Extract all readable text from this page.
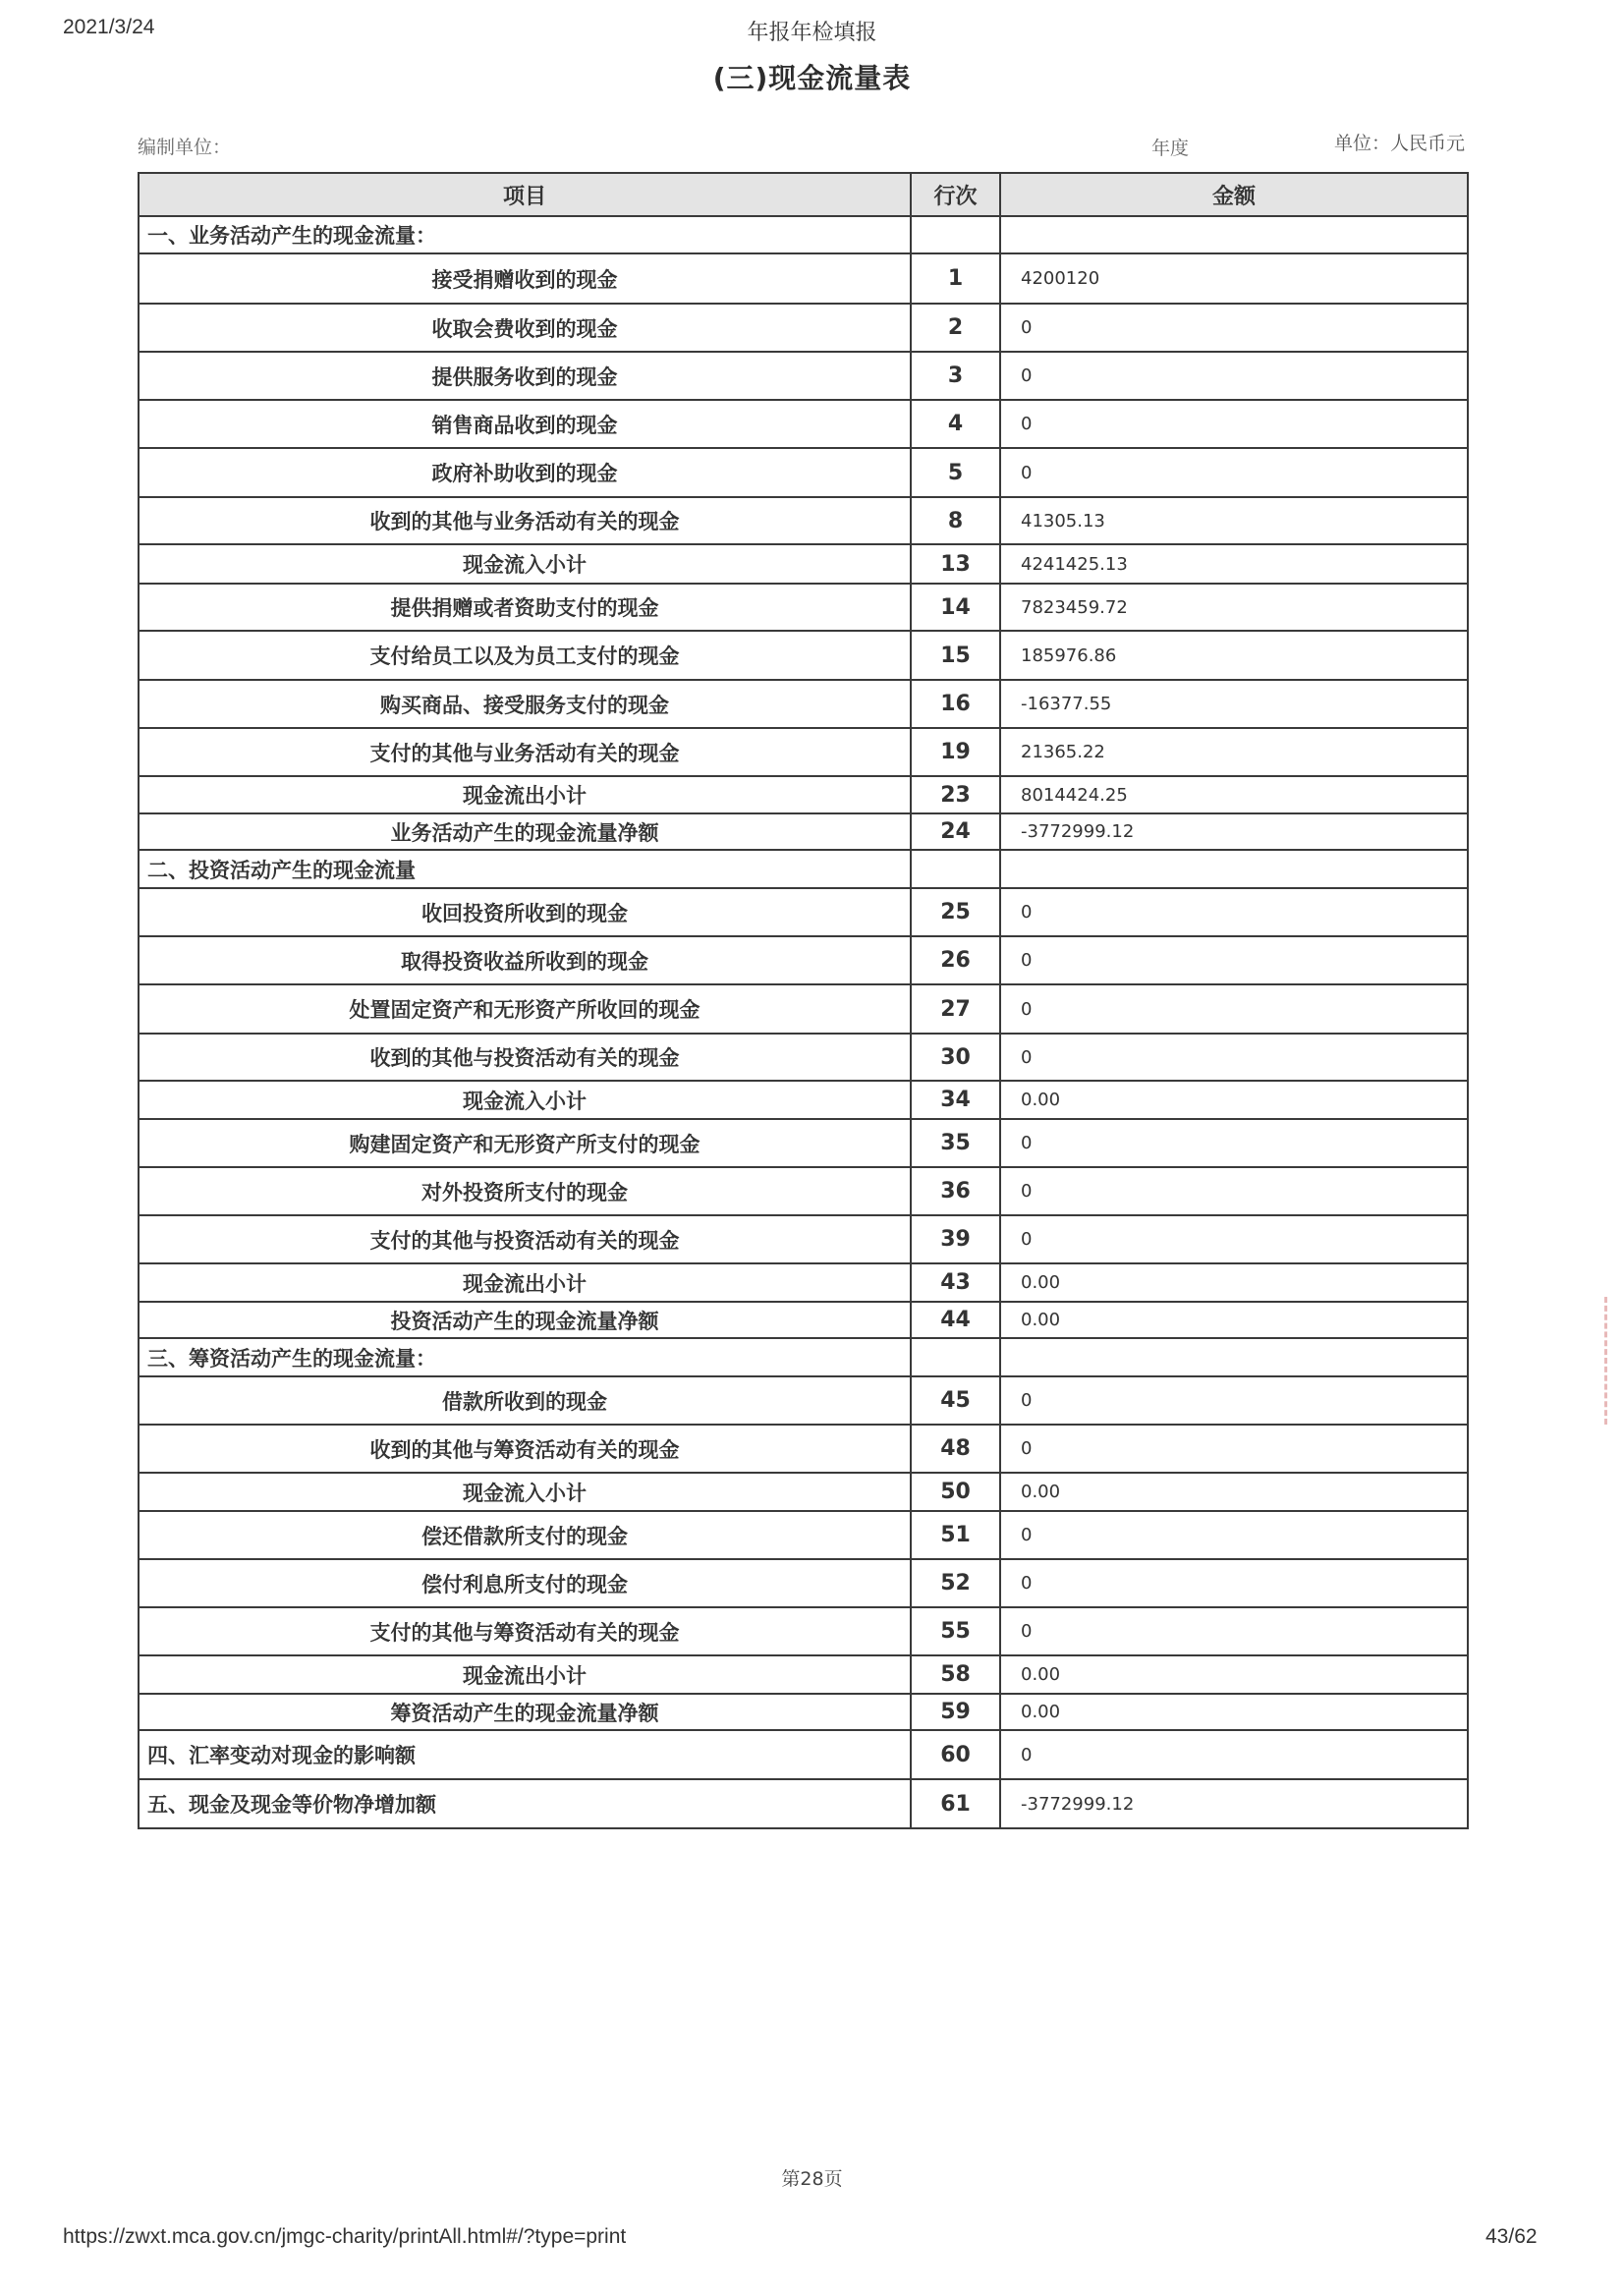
2021/3/24	年报年检填报
(三)现金流量表
编制单位：	年度	单位：人民币元
项目	行次	金额
一、业务活动产生的现金流量：		
接受捐赠收到的现金	1	4200120
收取会费收到的现金	2	0
提供服务收到的现金	3	0
销售商品收到的现金	4	0
政府补助收到的现金	5	0
收到的其他与业务活动有关的现金	8	41305.13
现金流入小计	13	4241425.13
提供捐赠或者资助支付的现金	14	7823459.72
支付给员工以及为员工支付的现金	15	185976.86
购买商品、接受服务支付的现金	16	-16377.55
支付的其他与业务活动有关的现金	19	21365.22
现金流出小计	23	8014424.25
业务活动产生的现金流量净额	24	-3772999.12
二、投资活动产生的现金流量		
收回投资所收到的现金	25	0
取得投资收益所收到的现金	26	0
处置固定资产和无形资产所收回的现金	27	0
收到的其他与投资活动有关的现金	30	0
现金流入小计	34	0.00
购建固定资产和无形资产所支付的现金	35	0
对外投资所支付的现金	36	0
支付的其他与投资活动有关的现金	39	0
现金流出小计	43	0.00
投资活动产生的现金流量净额	44	0.00
三、筹资活动产生的现金流量：		
借款所收到的现金	45	0
收到的其他与筹资活动有关的现金	48	0
现金流入小计	50	0.00
偿还借款所支付的现金	51	0
偿付利息所支付的现金	52	0
支付的其他与筹资活动有关的现金	55	0
现金流出小计	58	0.00
筹资活动产生的现金流量净额	59	0.00
四、汇率变动对现金的影响额	60	0
五、现金及现金等价物净增加额	61	-3772999.12
第28页
https://zwxt.mca.gov.cn/jmgc-charity/printAll.html#/?type=print	43/62
